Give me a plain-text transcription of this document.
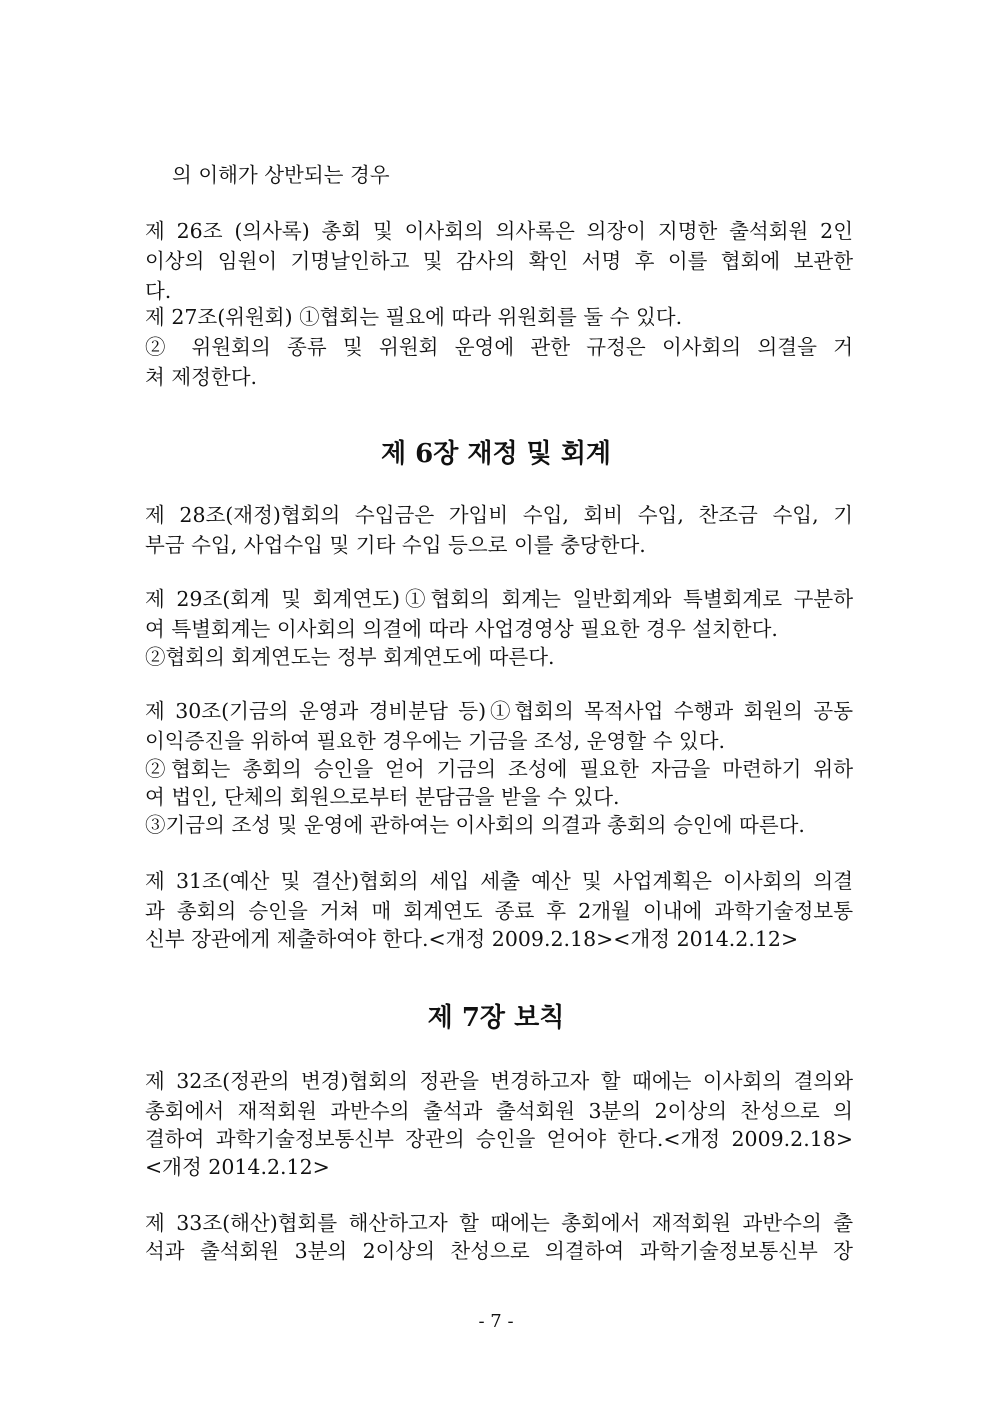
의 이해가 상반되는 경우
제 26조 (의사록) 총회 및 이사회의 의사록은 의장이 지명한 출석회원 2인
이상의 임원이 기명날인하고 및 감사의 확인 서명 후 이를 협회에 보관한
다.
제 27조(위원회) ①협회는 필요에 따라 위원회를 둘 수 있다.
② 위원회의 종류 및 위원회 운영에 관한 규정은 이사회의 의결을 거
쳐 제정한다.
제 6장 재정 및 회계
제 28조(재정)협회의 수입금은 가입비 수입, 회비 수입, 찬조금 수입, 기
부금 수입, 사업수입 및 기타 수입 등으로 이를 충당한다.
제 29조(회계 및 회계연도)①협회의 회계는 일반회계와 특별회계로 구분하
여 특별회계는 이사회의 의결에 따라 사업경영상 필요한 경우 설치한다.
②협회의 회계연도는 정부 회계연도에 따른다.
제 30조(기금의 운영과 경비분담 등)①협회의 목적사업 수행과 회원의 공동
이익증진을 위하여 필요한 경우에는 기금을 조성, 운영할 수 있다.
②협회는 총회의 승인을 얻어 기금의 조성에 필요한 자금을 마련하기 위하
여 법인, 단체의 회원으로부터 분담금을 받을 수 있다.
③기금의 조성 및 운영에 관하여는 이사회의 의결과 총회의 승인에 따른다.
제 31조(예산 및 결산)협회의 세입 세출 예산 및 사업계획은 이사회의 의결
과 총회의 승인을 거쳐 매 회계연도 종료 후 2개월 이내에 과학기술정보통
신부 장관에게 제출하여야 한다.<개정 2009.2.18><개정 2014.2.12>
제 7장 보칙
제 32조(정관의 변경)협회의 정관을 변경하고자 할 때에는 이사회의 결의와
총회에서 재적회원 과반수의 출석과 출석회원 3분의 2이상의 찬성으로 의
결하여 과학기술정보통신부 장관의 승인을 얻어야 한다.<개정 2009.2.18>
<개정 2014.2.12>
제 33조(해산)협회를 해산하고자 할 때에는 총회에서 재적회원 과반수의 출
석과 출석회원 3분의 2이상의 찬성으로 의결하여 과학기술정보통신부 장
- 7 -
